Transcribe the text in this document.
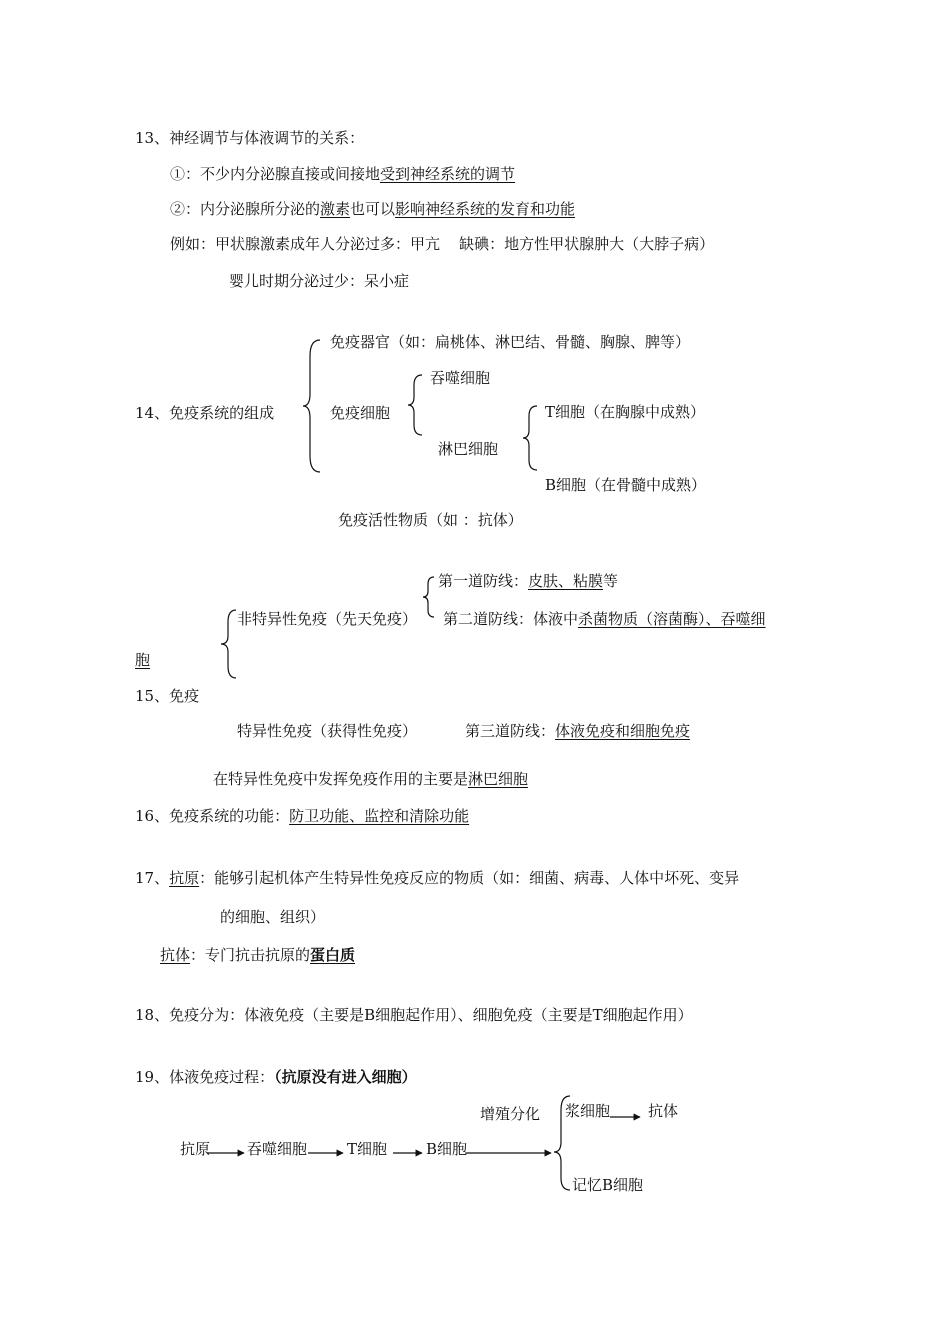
13、神经调节与体液调节的关系：
①：不少内分泌腺直接或间接地受到神经系统的调节
②：内分泌腺所分泌的激素也可以影响神经系统的发育和功能
例如：甲状腺激素成年人分泌过多：甲亢    缺碘：地方性甲状腺肿大（大脖子病）
婴儿时期分泌过少：呆小症
14、免疫系统的组成
免疫器官（如：扁桃体、淋巴结、骨髓、胸腺、脾等）
免疫细胞
吞噬细胞
淋巴细胞
T细胞（在胸腺中成熟）
B细胞（在骨髓中成熟）
免疫活性物质（如 ：抗体）
第一道防线：皮肤、粘膜等
非特异性免疫（先天免疫） 第二道防线：体液中杀菌物质（溶菌酶）、吞噬细
胞
15、免疫
特异性免疫（获得性免疫）	第三道防线：体液免疫和细胞免疫
在特异性免疫中发挥免疫作用的主要是淋巴细胞
16、免疫系统的功能：防卫功能、监控和清除功能
17、抗原：能够引起机体产生特异性免疫反应的物质（如：细菌、病毒、人体中坏死、变异
的细胞、组织）
抗体：专门抗击抗原的蛋白质
18、免疫分为：体液免疫（主要是B细胞起作用）、细胞免疫（主要是T细胞起作用）
19、体液免疫过程：（抗原没有进入细胞）
增殖分化 浆细胞	抗体
抗原 吞噬细胞	T细胞	B细胞
记忆B细胞
